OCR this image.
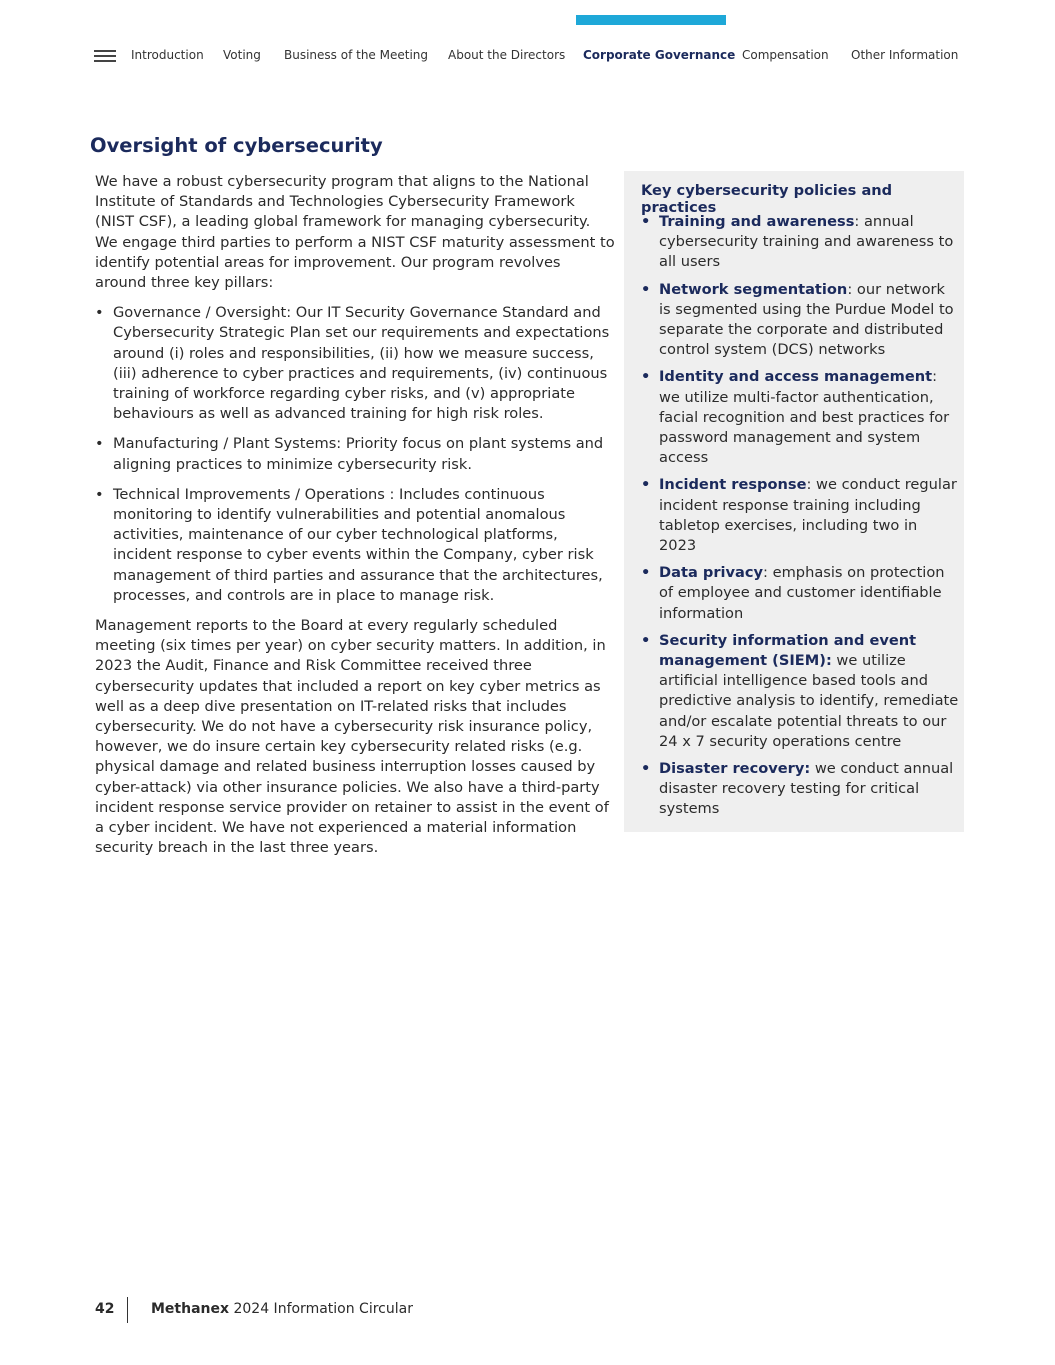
Introduction Voting Business of the Meeting About the Directors Corporate Governance Compensation Other Information
Oversight of cybersecurity

We have a robust cybersecurity program that aligns to the National Institute of Standards and Technologies Cybersecurity Framework (NIST CSF), a leading global framework for managing cybersecurity. We engage third parties to perform a NIST CSF maturity assessment to identify potential areas for improvement. Our program revolves around three key pillars:

• Governance / Oversight: Our IT Security Governance Standard and Cybersecurity Strategic Plan set our requirements and expectations around (i) roles and responsibilities, (ii) how we measure success, (iii) adherence to cyber practices and requirements, (iv) continuous training of workforce regarding cyber risks, and (v) appropriate behaviours as well as advanced training for high risk roles.
• Manufacturing / Plant Systems: Priority focus on plant systems and aligning practices to minimize cybersecurity risk.
• Technical Improvements / Operations : Includes continuous monitoring to identify vulnerabilities and potential anomalous activities, maintenance of our cyber technological platforms, incident response to cyber events within the Company, cyber risk management of third parties and assurance that the architectures, processes, and controls are in place to manage risk.

Management reports to the Board at every regularly scheduled meeting (six times per year) on cyber security matters. In addition, in 2023 the Audit, Finance and Risk Committee received three cybersecurity updates that included a report on key cyber metrics as well as a deep dive presentation on IT-related risks that includes cybersecurity. We do not have a cybersecurity risk insurance policy, however, we do insure certain key cybersecurity related risks (e.g. physical damage and related business interruption losses caused by cyber-attack) via other insurance policies. We also have a third-party incident response service provider on retainer to assist in the event of a cyber incident. We have not experienced a material information security breach in the last three years.

Key cybersecurity policies and practices
• Training and awareness: annual cybersecurity training and awareness to all users
• Network segmentation: our network is segmented using the Purdue Model to separate the corporate and distributed control system (DCS) networks
• Identity and access management: we utilize multi-factor authentication, facial recognition and best practices for password management and system access
• Incident response: we conduct regular incident response training including tabletop exercises, including two in 2023
• Data privacy: emphasis on protection of employee and customer identifiable information
• Security information and event management (SIEM): we utilize artificial intelligence based tools and predictive analysis to identify, remediate and/or escalate potential threats to our 24 x 7 security operations centre
• Disaster recovery: we conduct annual disaster recovery testing for critical systems
42	Methanex 2024 Information Circular
